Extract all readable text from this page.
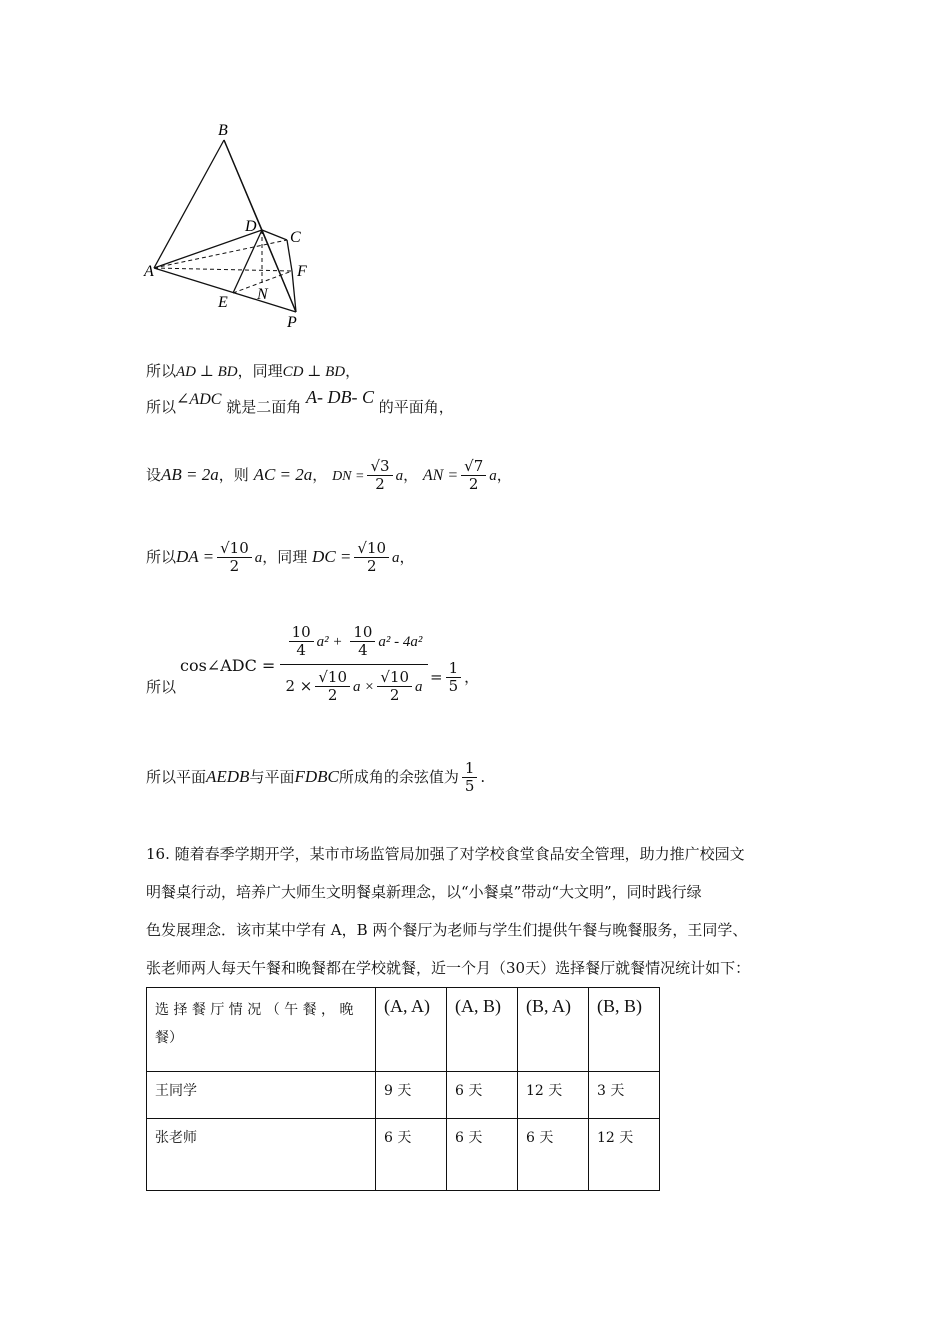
B
D
C
A	F
E N
P
所以AD ⊥ BD，同理CD ⊥ BD，
所以∠ADC 就是二面角 A- DB- C 的平面角，
设AB = 2a，则 AC = 2a， DN = $\frac{√3}{2}$ a， AN = $\frac{√7}{2}$ a，
所以DA = $\frac{√10}{2}$ a，同理 DC = $\frac{√10}{2}$ a，
所以
cos∠ADC =
$\frac{10}{4} a^2 + \frac{10}{4} a^2 - 4a^2$
$2 \times \frac{√10}{2}$ $a \times \frac{√10}{2}$ a
= $\frac{1}{5}$ ，
所以平面AEDB与平面FDBC所成角的余弦值为 $\frac{1}{5}$ .
16. 随着春季学期开学，某市市场监管局加强了对学校食堂食品安全管理，助力推广校园文
明餐桌行动，培养广大师生文明餐桌新理念，以“小餐桌”带动“大文明”，同时践行绿
色发展理念．该市某中学有 A，B 两个餐厅为老师与学生们提供午餐与晚餐服务，王同学、
张老师两人每天午餐和晚餐都在学校就餐，近一个月（30天）选择餐厅就餐情况统计如下：
选 择 餐 厅 情 况 （ 午 餐 ， 晚 餐）	(A, A)	(A, B)	(B, A)	(B, B)
王同学	9 天	6 天	12 天	3 天
张老师	6 天	6 天	6 天	12 天
